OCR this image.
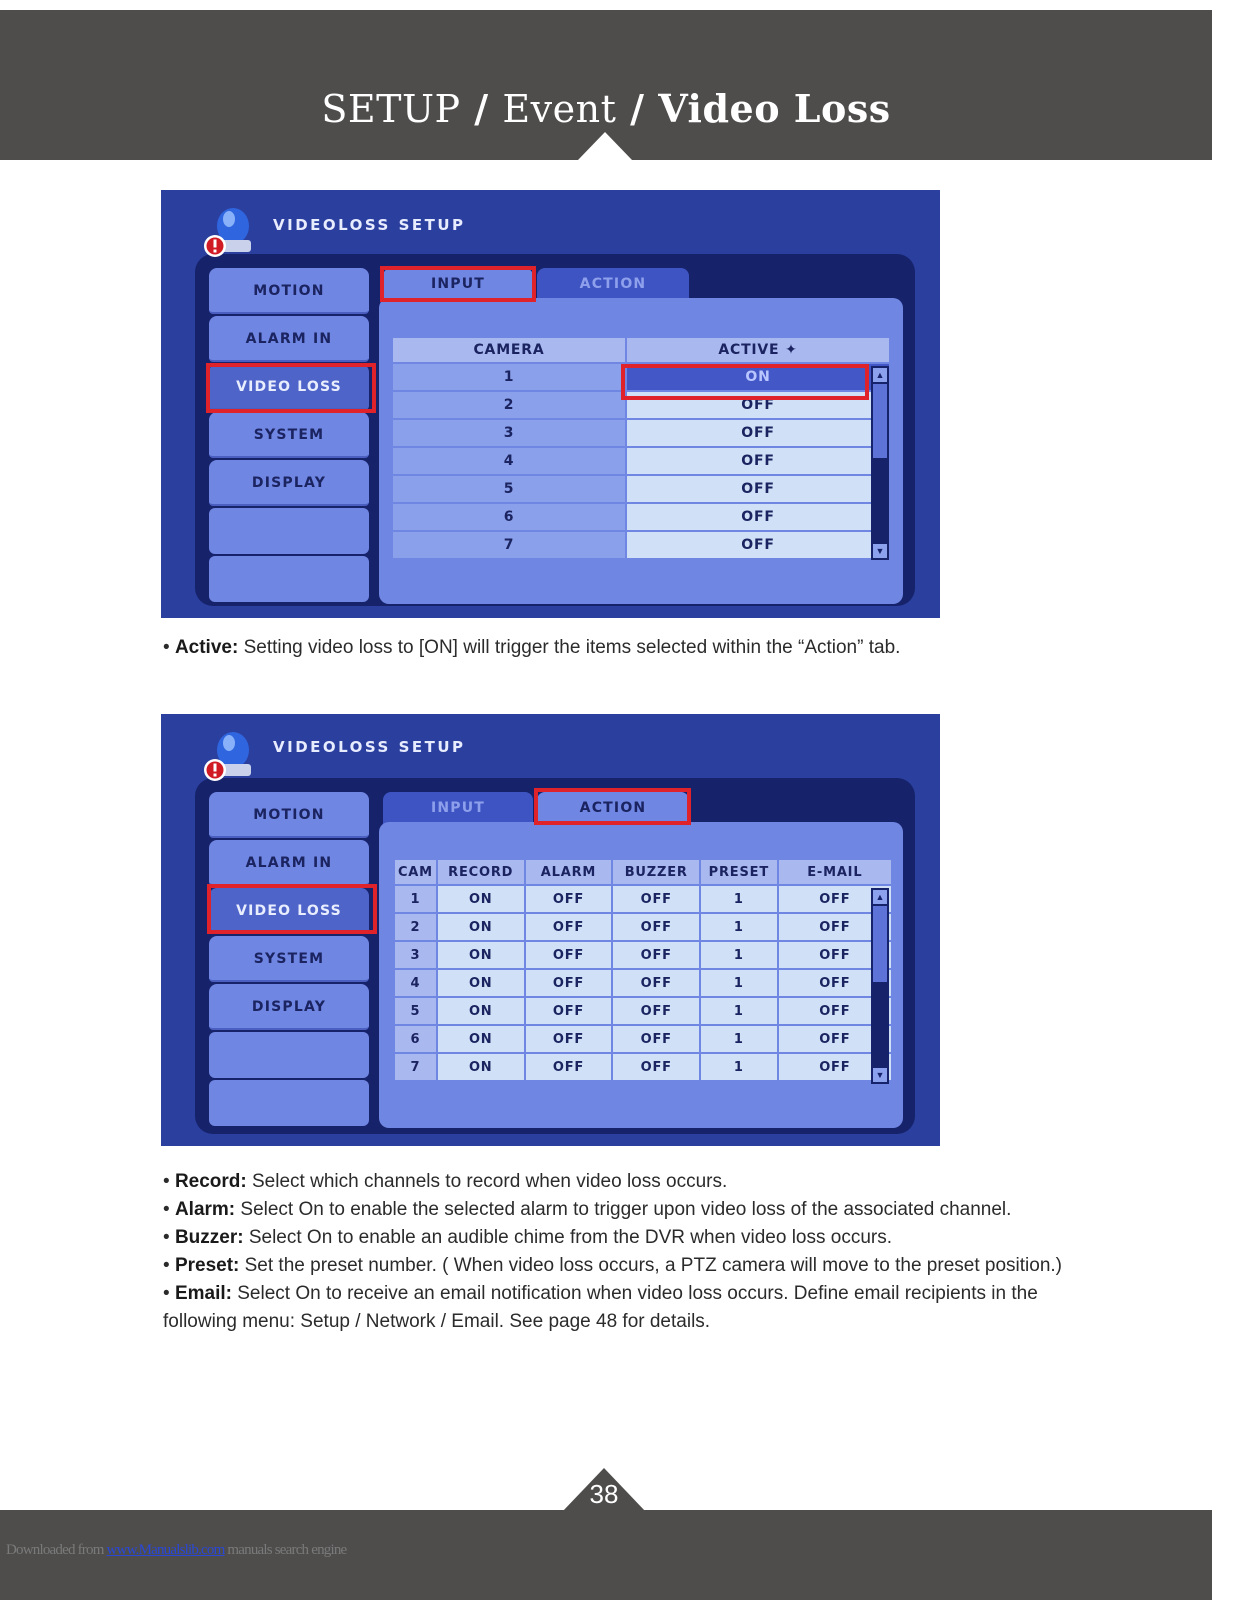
SETUP / Event / Video Loss
VIDEOLOSS SETUP
MOTION
ALARM IN
VIDEO LOSS
SYSTEM
DISPLAY
INPUT	ACTION
CAMERA	ACTIVE ✦
1	ON
2	OFF
3	OFF
4	OFF
5	OFF
6	OFF
7	OFF
▲
▼
• Active: Setting video loss to [ON] will trigger the items selected within the “Action” tab.
VIDEOLOSS SETUP
MOTION
ALARM IN
VIDEO LOSS
SYSTEM
DISPLAY
INPUT	ACTION
CAM	RECORD	ALARM	BUZZER	PRESET	E-MAIL
1	ON	OFF	OFF	1	OFF
2	ON	OFF	OFF	1	OFF
3	ON	OFF	OFF	1	OFF
4	ON	OFF	OFF	1	OFF
5	ON	OFF	OFF	1	OFF
6	ON	OFF	OFF	1	OFF
7	ON	OFF	OFF	1	OFF
▲
▼
• Record: Select which channels to record when video loss occurs.
• Alarm: Select On to enable the selected alarm to trigger upon video loss of the associated channel.
• Buzzer: Select On to enable an audible chime from the DVR when video loss occurs.
• Preset: Set the preset number. ( When video loss occurs, a PTZ camera will move to the preset position.)
• Email: Select On to receive an email notification when video loss occurs. Define email recipients in the following menu: Setup / Network / Email. See page 48 for details.
38
Downloaded from www.Manualslib.com manuals search engine
